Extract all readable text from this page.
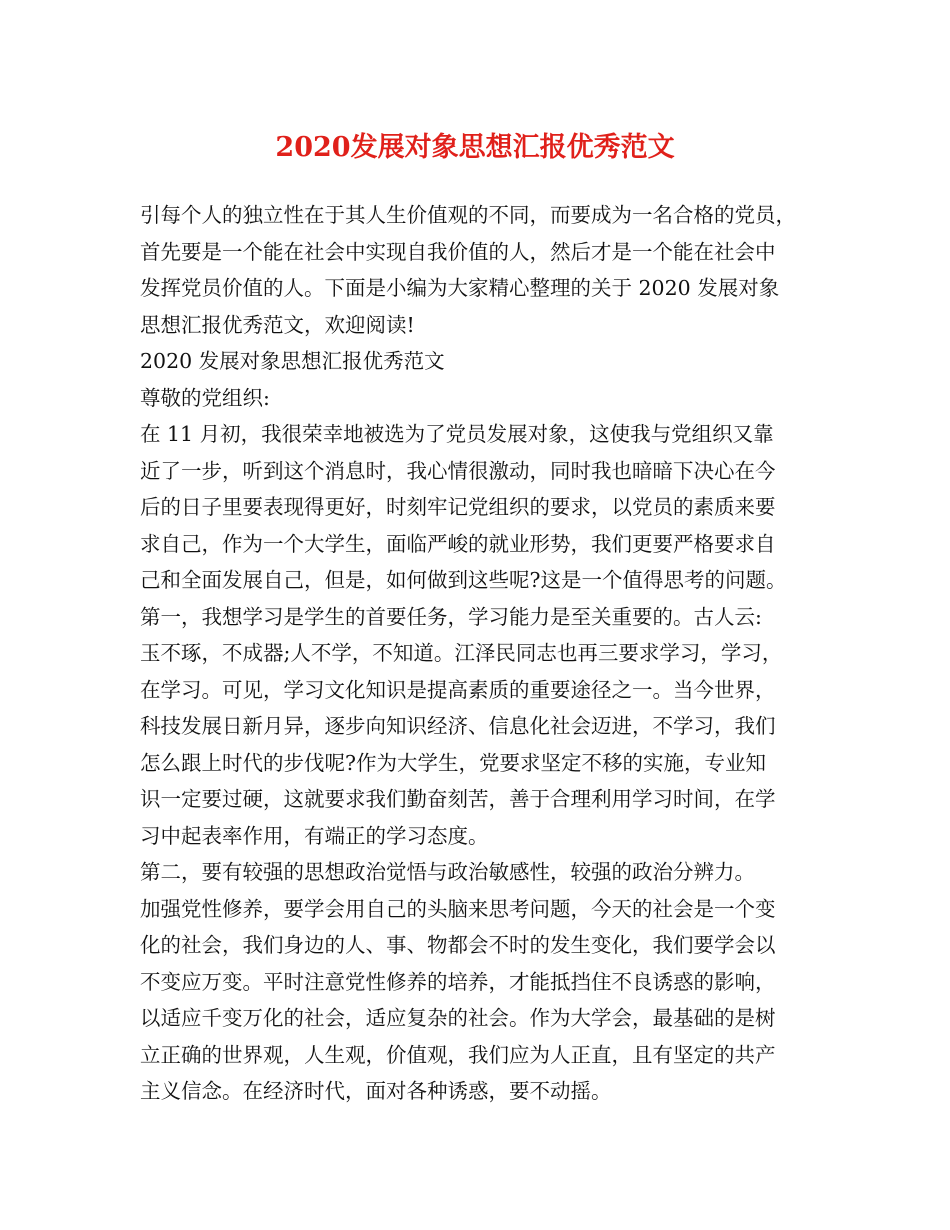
2020发展对象思想汇报优秀范文
引每个人的独立性在于其人生价值观的不同，而要成为一名合格的党员，
首先要是一个能在社会中实现自我价值的人，然后才是一个能在社会中
发挥党员价值的人。下面是小编为大家精心整理的关于 2020 发展对象
思想汇报优秀范文，欢迎阅读!
2020 发展对象思想汇报优秀范文
尊敬的党组织:
在 11 月初，我很荣幸地被选为了党员发展对象，这使我与党组织又靠
近了一步，听到这个消息时，我心情很激动，同时我也暗暗下决心在今
后的日子里要表现得更好，时刻牢记党组织的要求，以党员的素质来要
求自己，作为一个大学生，面临严峻的就业形势，我们更要严格要求自
己和全面发展自己，但是，如何做到这些呢?这是一个值得思考的问题。
第一，我想学习是学生的首要任务，学习能力是至关重要的。古人云:
玉不琢，不成器;人不学，不知道。江泽民同志也再三要求学习，学习，
在学习。可见，学习文化知识是提高素质的重要途径之一。当今世界，
科技发展日新月异，逐步向知识经济、信息化社会迈进，不学习，我们
怎么跟上时代的步伐呢?作为大学生，党要求坚定不移的实施，专业知
识一定要过硬，这就要求我们勤奋刻苦，善于合理利用学习时间，在学
习中起表率作用，有端正的学习态度。
第二，要有较强的思想政治觉悟与政治敏感性，较强的政治分辨力。
加强党性修养，要学会用自己的头脑来思考问题，今天的社会是一个变
化的社会，我们身边的人、事、物都会不时的发生变化，我们要学会以
不变应万变。平时注意党性修养的培养，才能抵挡住不良诱惑的影响，
以适应千变万化的社会，适应复杂的社会。作为大学会，最基础的是树
立正确的世界观，人生观，价值观，我们应为人正直，且有坚定的共产
主义信念。在经济时代，面对各种诱惑，要不动摇。
